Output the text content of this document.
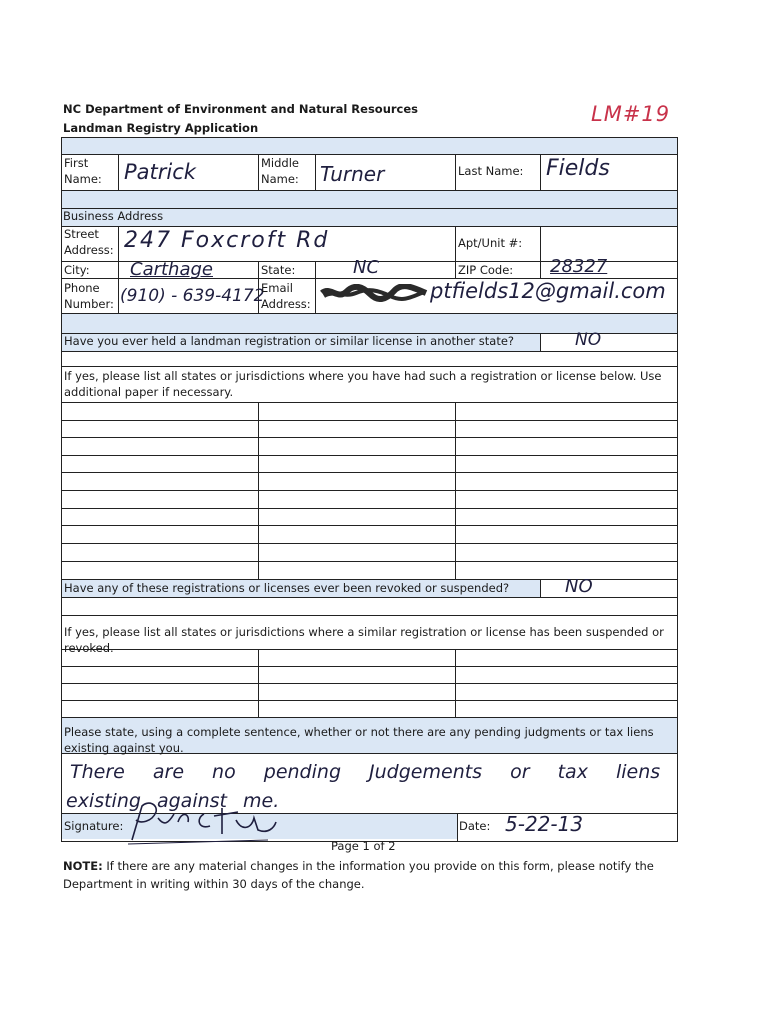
NC Department of Environment and Natural Resources
Landman Registry Application
LM#19
First Name:	Patrick	Middle Name:	Turner	Last Name: Fields
Business Address
Street Address: 247 Foxcroft Rd	Apt/Unit #:
City: Carthage	State:	NC	ZIP Code: 28327
Phone Number: (910) - 639-4172
Email Address:
ptfields12@gmail.com
Have you ever held a landman registration or similar license in another state?	NO
If yes, please list all states or jurisdictions where you have had such a registration or license below. Use additional paper if necessary.
Have any of these registrations or licenses ever been revoked or suspended?	NO
If yes, please list all states or jurisdictions where a similar registration or license has been suspended or revoked.
Please state, using a complete sentence, whether or not there are any pending judgments or tax liens existing against you.
There are no pending Judgements or tax liens
existing against me.
Signature:	Date: 5-22-13
Page 1 of 2
NOTE: If there are any material changes in the information you provide on this form, please notify the Department in writing within 30 days of the change.
